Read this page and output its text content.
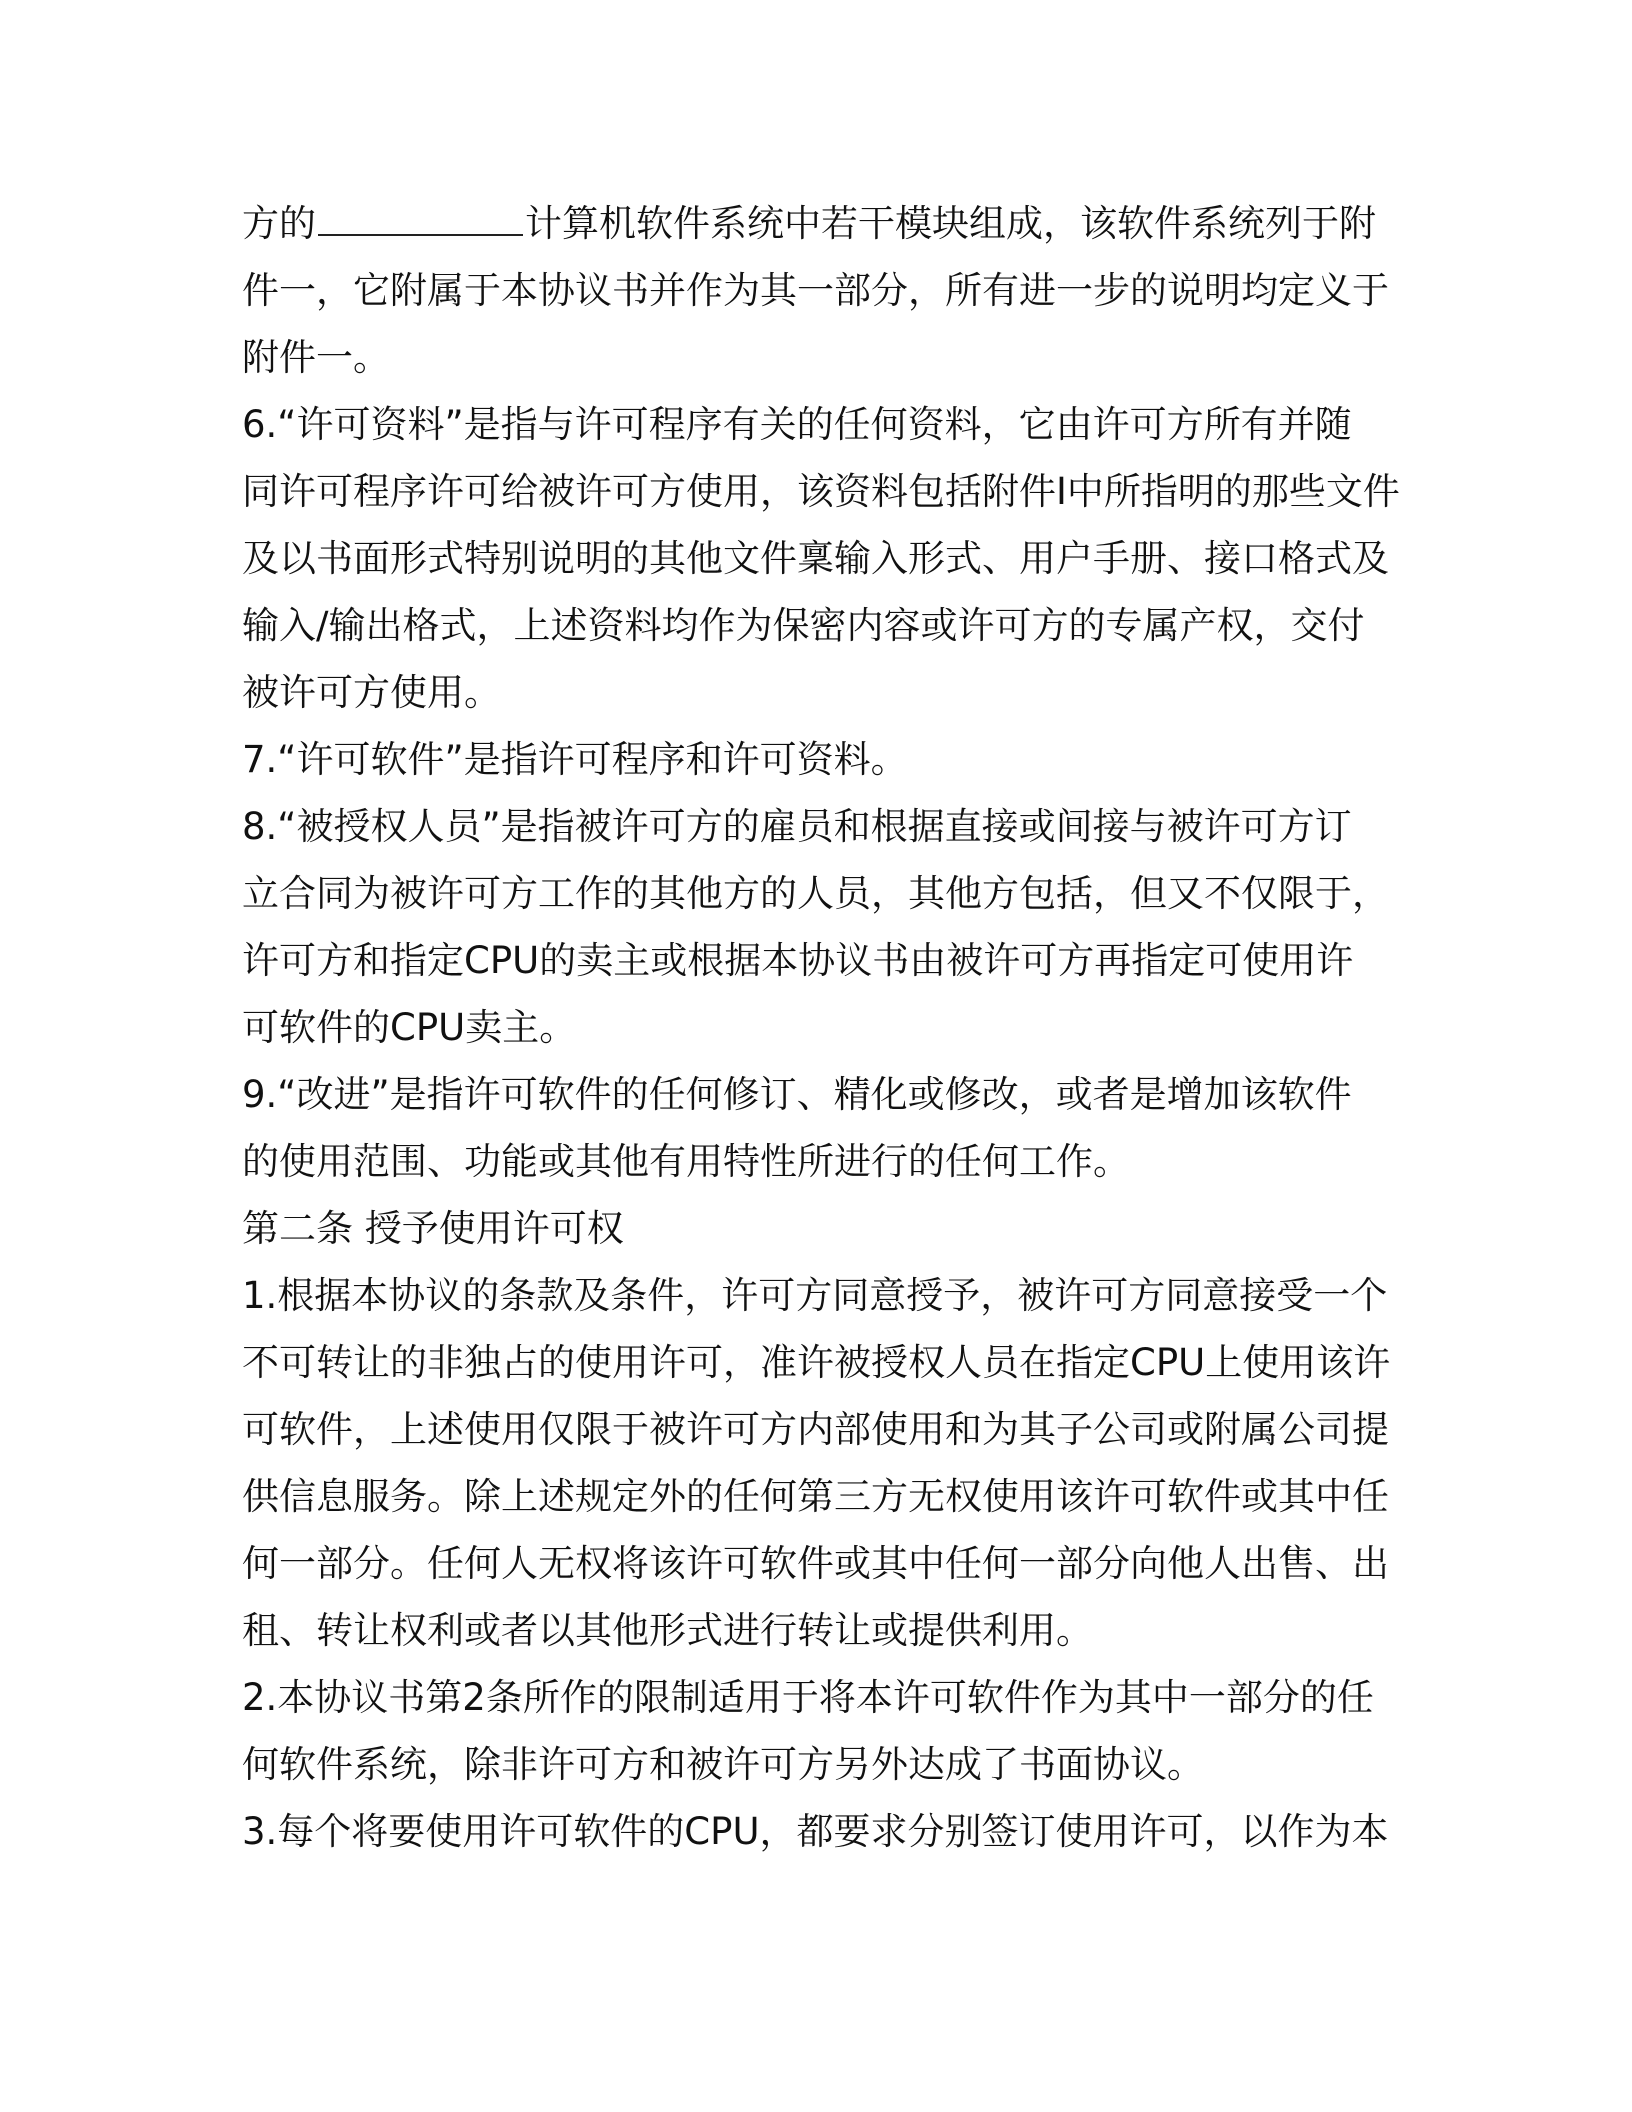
方的	计算机软件系统中若干模块组成，该软件系统列于附
件一，它附属于本协议书并作为其一部分，所有进一步的说明均定义于
附件一。
6.“许可资料”是指与许可程序有关的任何资料，它由许可方所有并随
同许可程序许可给被许可方使用，该资料包括附件I中所指明的那些文件
及以书面形式特别说明的其他文件稟输入形式、用户手册、接口格式及
输入/输出格式，上述资料均作为保密内容或许可方的专属产权，交付
被许可方使用。
7.“许可软件”是指许可程序和许可资料。
8.“被授权人员”是指被许可方的雇员和根据直接或间接与被许可方订
立合同为被许可方工作的其他方的人员，其他方包括，但又不仅限于，
许可方和指定CPU的卖主或根据本协议书由被许可方再指定可使用许
可软件的CPU卖主。
9.“改进”是指许可软件的任何修订、精化或修改，或者是增加该软件
的使用范围、功能或其他有用特性所进行的任何工作。
第二条 授予使用许可权
1.根据本协议的条款及条件，许可方同意授予，被许可方同意接受一个
不可转让的非独占的使用许可，准许被授权人员在指定CPU上使用该许
可软件，上述使用仅限于被许可方内部使用和为其子公司或附属公司提
供信息服务。除上述规定外的任何第三方无权使用该许可软件或其中任
何一部分。任何人无权将该许可软件或其中任何一部分向他人出售、出
租、转让权利或者以其他形式进行转让或提供利用。
2.本协议书第2条所作的限制适用于将本许可软件作为其中一部分的任
何软件系统，除非许可方和被许可方另外达成了书面协议。
3.每个将要使用许可软件的CPU，都要求分别签订使用许可，以作为本
